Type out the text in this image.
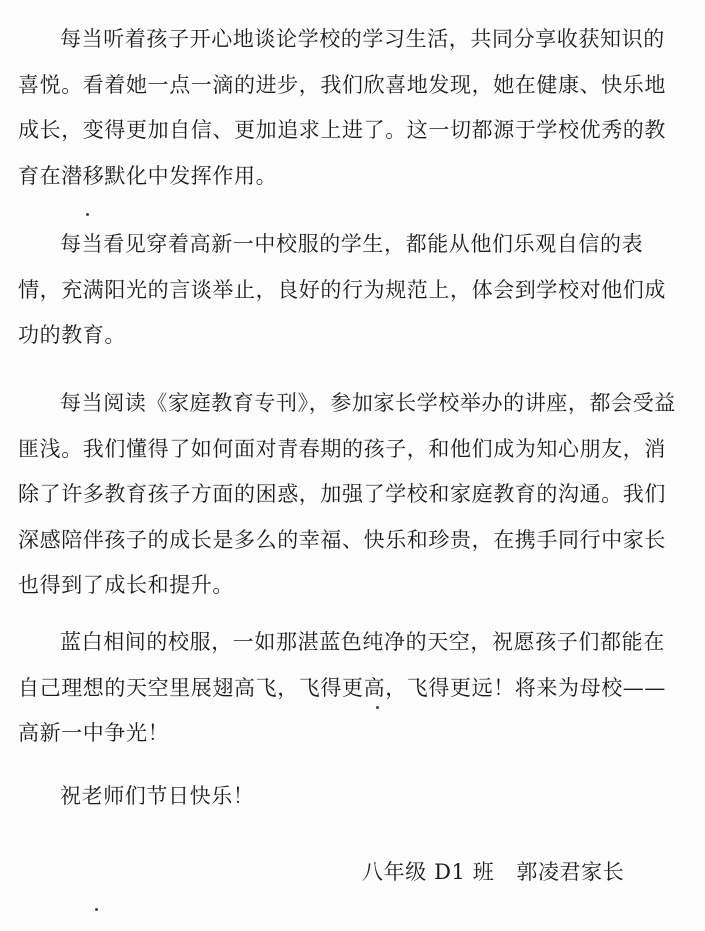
每当听着孩子开心地谈论学校的学习生活，共同分享收获知识的喜悦。看着她一点一滴的进步，我们欣喜地发现，她在健康、快乐地成长，变得更加自信、更加追求上进了。这一切都源于学校优秀的教育在潜移默化中发挥作用。

每当看见穿着高新一中校服的学生，都能从他们乐观自信的表情，充满阳光的言谈举止，良好的行为规范上，体会到学校对他们成功的教育。

每当阅读《家庭教育专刊》，参加家长学校举办的讲座，都会受益匪浅。我们懂得了如何面对青春期的孩子，和他们成为知心朋友，消除了许多教育孩子方面的困惑，加强了学校和家庭教育的沟通。我们深感陪伴孩子的成长是多么的幸福、快乐和珍贵，在携手同行中家长也得到了成长和提升。

蓝白相间的校服，一如那湛蓝色纯净的天空，祝愿孩子们都能在自己理想的天空里展翅高飞，飞得更高，飞得更远！将来为母校——高新一中争光！

祝老师们节日快乐！

八年级 D1 班 郭凌君家长
